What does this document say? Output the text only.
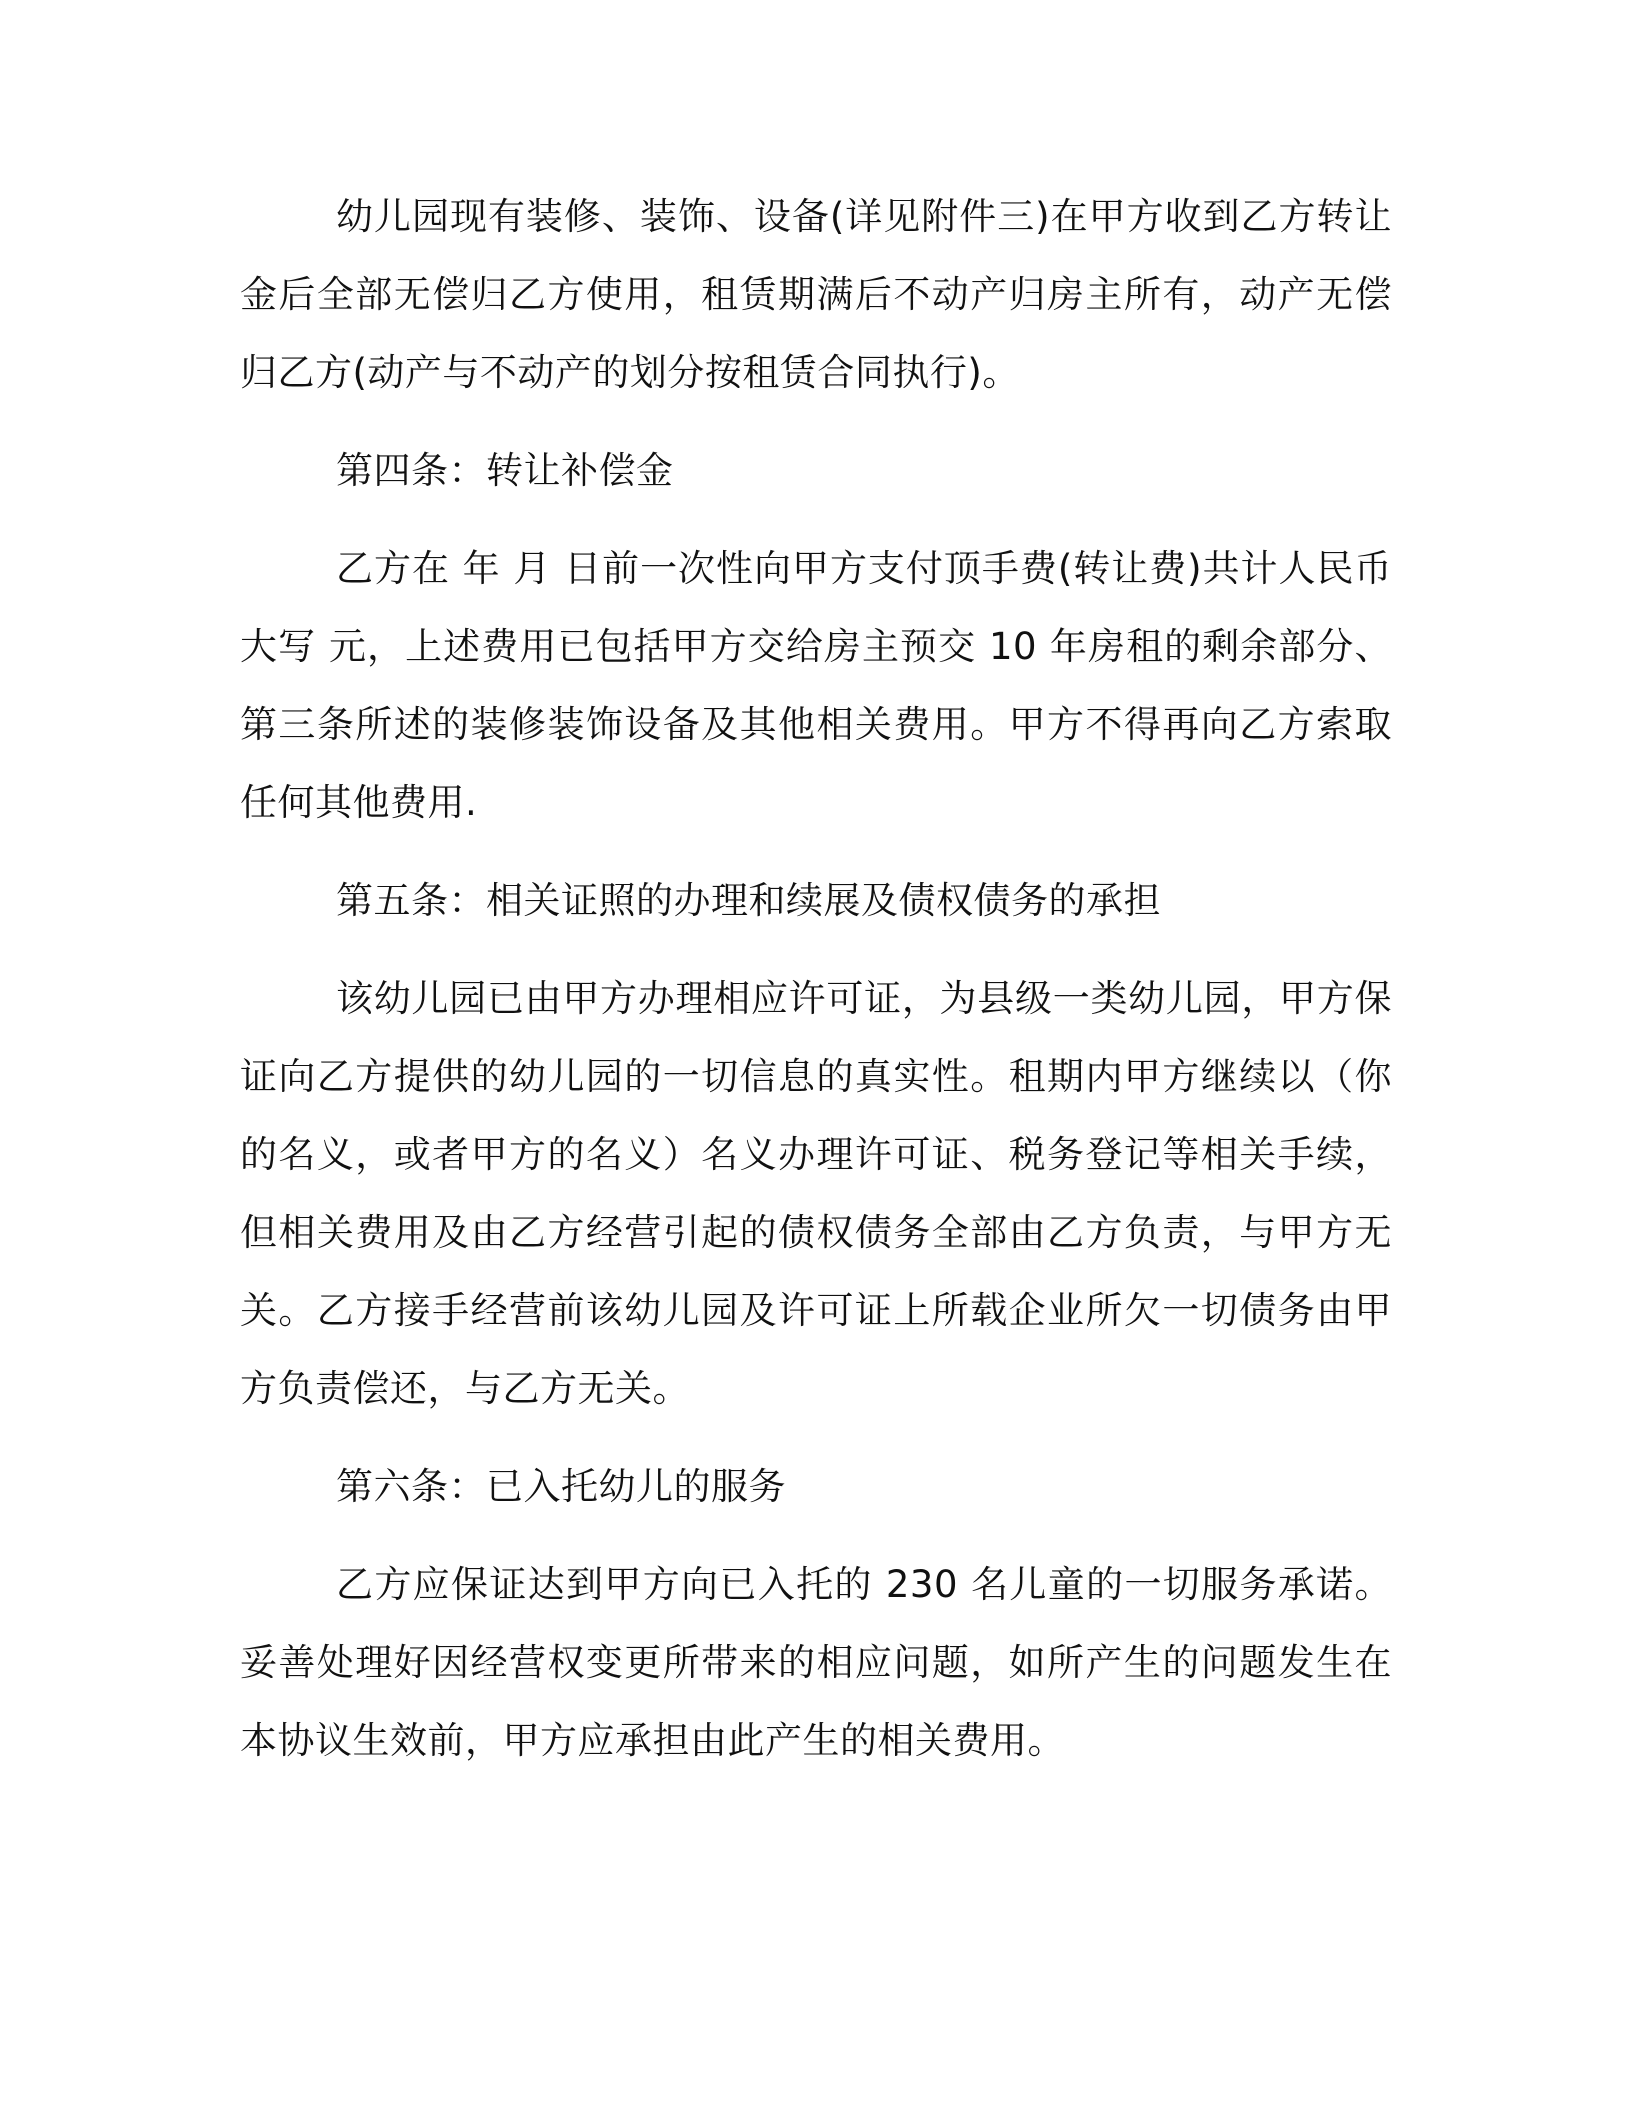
幼儿园现有装修、装饰、设备(详见附件三)在甲方收到乙方转让金后全部无偿归乙方使用，租赁期满后不动产归房主所有，动产无偿归乙方(动产与不动产的划分按租赁合同执行)。

第四条：转让补偿金

乙方在 年 月 日前一次性向甲方支付顶手费(转让费)共计人民币大写 元，上述费用已包括甲方交给房主预交 10 年房租的剩余部分、第三条所述的装修装饰设备及其他相关费用。甲方不得再向乙方索取任何其他费用.

第五条：相关证照的办理和续展及债权债务的承担

该幼儿园已由甲方办理相应许可证，为县级一类幼儿园，甲方保证向乙方提供的幼儿园的一切信息的真实性。租期内甲方继续以（你的名义，或者甲方的名义）名义办理许可证、税务登记等相关手续，但相关费用及由乙方经营引起的债权债务全部由乙方负责，与甲方无关。乙方接手经营前该幼儿园及许可证上所载企业所欠一切债务由甲方负责偿还，与乙方无关。

第六条：已入托幼儿的服务

乙方应保证达到甲方向已入托的 230 名儿童的一切服务承诺。妥善处理好因经营权变更所带来的相应问题，如所产生的问题发生在本协议生效前，甲方应承担由此产生的相关费用。
